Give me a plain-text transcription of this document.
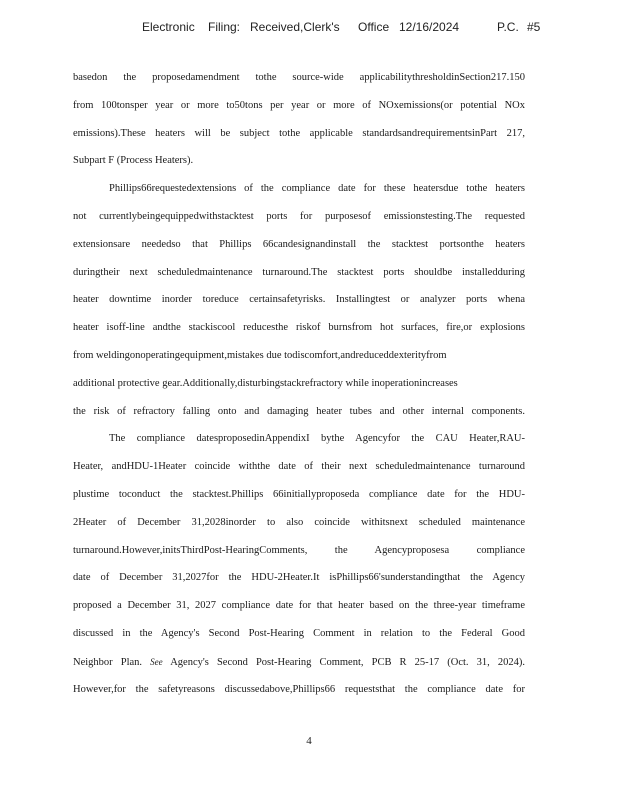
Electronic Filing: Received,Clerk's Office 12/16/2024	P.C. #5
basedon the proposedamendment tothe source-wide applicabilitythresholdinSection217.150
from 100tonsper year or more to50tons per year or more of NOxemissions(or potential NOx
emissions).These heaters will be subject tothe applicable standardsandrequirementsinPart 217,
Subpart F (Process Heaters).
Phillips66requestedextensions of the compliance date for these heatersdue tothe heaters
not currentlybeingequippedwithstacktest ports for purposesof emissionstesting.The requested
extensionsare neededso that Phillips 66candesignandinstall the stacktest portsonthe heaters
duringtheir next scheduledmaintenance turnaround.The stacktest ports shouldbe installedduring
heater downtime inorder toreduce certainsafetyrisks. Installingtest or analyzer ports whena
heater isoff-line andthe stackiscool reducesthe riskof burnsfrom hot surfaces, fire,or explosions
from weldingonoperatingequipment,mistakes due todiscomfort,andreduceddexterityfrom
additional protective gear.Additionally,disturbingstackrefractory while inoperationincreases
the risk of refractory falling onto and damaging heater tubes and other internal components.
The compliance datesproposedinAppendixI bythe Agencyfor the CAU Heater,RAU-
Heater, andHDU-1Heater coincide withthe date of their next scheduledmaintenance turnaround
plustime toconduct the stacktest.Phillips 66initiallyproposeda compliance date for the HDU-
2Heater of December 31,2028inorder to also coincide withitsnext scheduled maintenance
turnaround.However,initsThirdPost-HearingComments, the Agencyproposesa compliance
date of December 31,2027for the HDU-2Heater.It isPhillips66'sunderstandingthat the Agency
proposed a December 31, 2027 compliance date for that heater based on the three-year timeframe
discussed in the Agency's Second Post-Hearing Comment in relation to the Federal Good
Neighbor Plan. See Agency's Second Post-Hearing Comment, PCB R 25-17 (Oct. 31, 2024).
However,for the safetyreasons discussedabove,Phillips66 requeststhat the compliance date for
4
